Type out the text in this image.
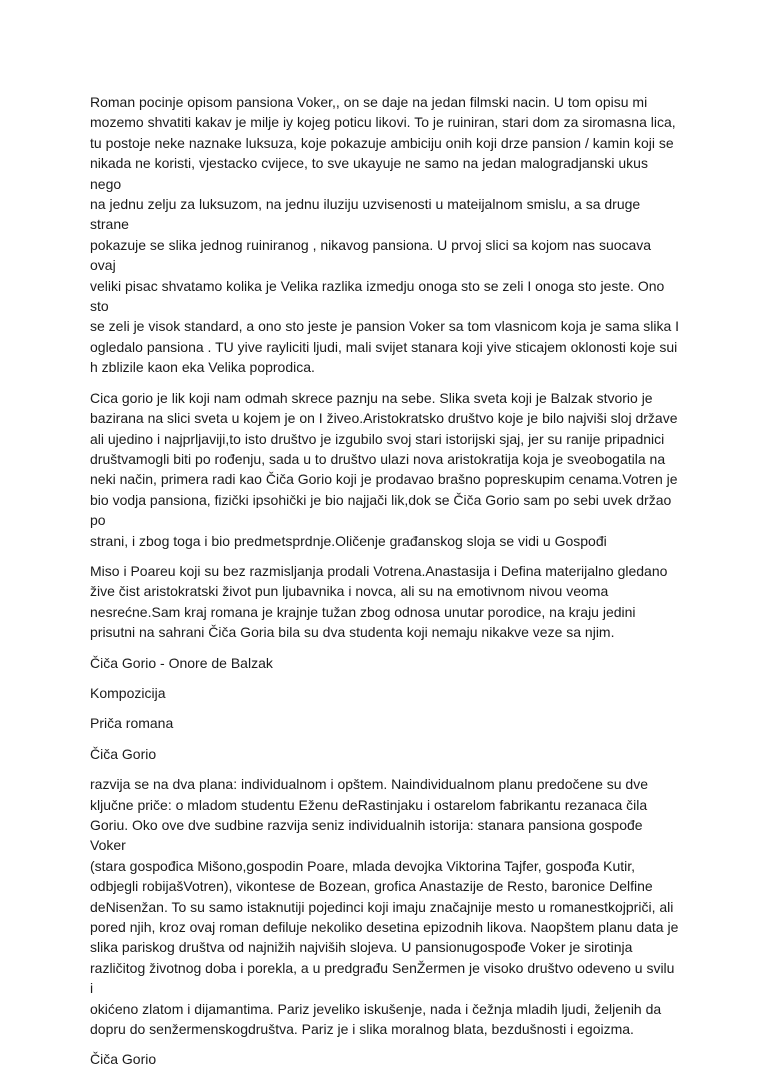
Roman pocinje opisom pansiona Voker,, on se daje na jedan filmski nacin. U tom opisu mi
mozemo shvatiti kakav je milje iy kojeg poticu likovi. To je ruiniran, stari dom za siromasna lica,
tu postoje neke naznake luksuza, koje pokazuje ambiciju onih koji drze pansion / kamin koji se
nikada ne koristi, vjestacko cvijece, to sve ukayuje ne samo na jedan malogradjanski ukus nego
na jednu zelju za luksuzom, na jednu iluziju uzvisenosti u mateijalnom smislu, a sa druge strane
pokazuje se slika jednog ruiniranog , nikavog pansiona. U prvoj slici sa kojom nas suocava ovaj
veliki pisac shvatamo kolika je Velika razlika izmedju onoga sto se zeli I onoga sto jeste. Ono sto
se zeli je visok standard, a ono sto jeste je pansion Voker sa tom vlasnicom koja je sama slika I
ogledalo pansiona . TU yive rayliciti ljudi, mali svijet stanara koji yive sticajem oklonosti koje sui
h zblizile kaon eka Velika poprodica.

Cica gorio je lik koji nam odmah skrece paznju na sebe. Slika sveta koji je Balzak stvorio je
bazirana na slici sveta u kojem je on I živeo.Aristokratsko društvo koje je bilo najviši sloj države
ali ujedino i najprljaviji,to isto društvo je izgubilo svoj stari istorijski sjaj, jer su ranije pripadnici
društvamogli biti po rođenju, sada u to društvo ulazi nova aristokratija koja je sveobogatila na
neki način, primera radi kao Čiča Gorio koji je prodavao brašno popreskupim cenama.Votren je
bio vodja pansiona, fizički ipsohički je bio najjači lik,dok se Čiča Gorio sam po sebi uvek držao po
strani, i zbog toga i bio predmetsprdnje.Oličenje građanskog sloja se vidi u Gospođi

Miso i Poareu koji su bez razmisljanja prodali Votrena.Anastasija i Defina materijalno gledano
žive čist aristokratski život pun ljubavnika i novca, ali su na emotivnom nivou veoma
nesrećne.Sam kraj romana je krajnje tužan zbog odnosa unutar porodice, na kraju jedini
prisutni na sahrani Čiča Goria bila su dva studenta koji nemaju nikakve veze sa njim.

Čiča Gorio - Onore de Balzak

Kompozicija

Priča romana

Čiča Gorio

razvija se na dva plana: individualnom i opštem. Naindividualnom planu predočene su dve
ključne priče: o mladom studentu Eženu deRastinjaku i ostarelom fabrikantu rezanaca čila
Goriu. Oko ove dve sudbine razvija seniz individualnih istorija: stanara pansiona gospođe Voker
(stara gospođica Mišono,gospodin Poare, mlada devojka Viktorina Tajfer, gospođa Kutir,
odbjegli robijašVotren), vikontese de Bozean, grofica Anastazije de Resto, baronice Delfine
deNisenžan. To su samo istaknutiji pojedinci koji imaju značajnije mesto u romanestkojpriči, ali
pored njih, kroz ovaj roman defiluje nekoliko desetina epizodnih likova. Naopštem planu data je
slika pariskog društva od najnižih najviših slojeva. U pansionugospođe Voker je sirotinja
različitog životnog doba i porekla, a u predgrađu SenŽermen je visoko društvo odeveno u svilu i
okićeno zlatom i dijamantima. Pariz jeveliko iskušenje, nada i čežnja mladih ljudi, željenih da
dopru do senžermenskogdruštva. Pariz je i slika moralnog blata, bezdušnosti i egoizma.

Čiča Gorio
